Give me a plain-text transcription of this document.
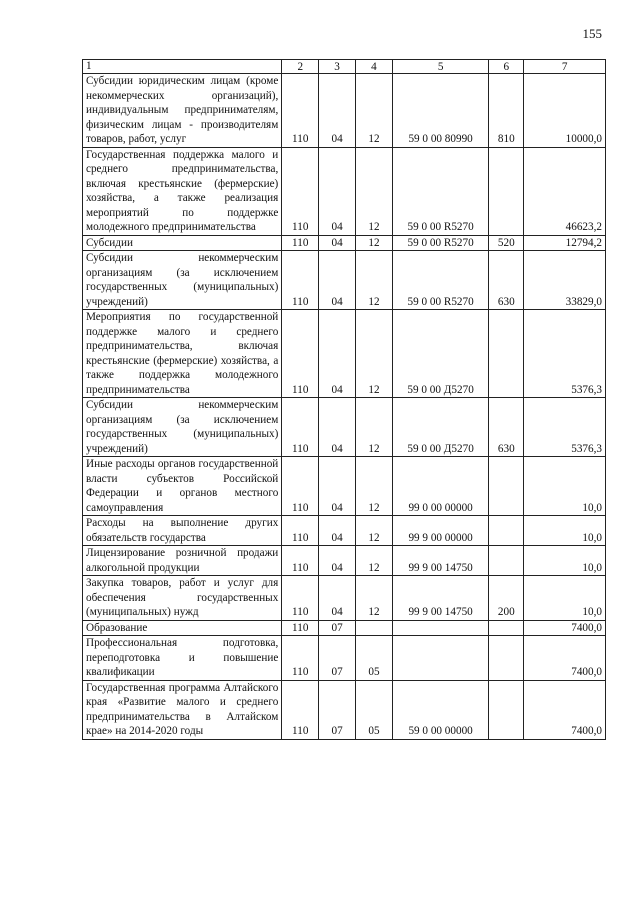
155
1	2	3	4	5	6	7
Субсидии юридическим лицам (кроме некоммерческих организаций), индивидуальным предпринимателям, физическим лицам - производителям товаров, работ, услуг	110	04	12	59 0 00 80990	810	10000,0
Государственная поддержка малого и среднего предпринимательства, включая крестьянские (фермерские) хозяйства, а также реализация мероприятий по поддержке молодежного предпринимательства	110	04	12	59 0 00 R5270		46623,2
Субсидии	110	04	12	59 0 00 R5270	520	12794,2
Субсидии некоммерческим организациям (за исключением государственных (муниципальных) учреждений)	110	04	12	59 0 00 R5270	630	33829,0
Мероприятия по государственной поддержке малого и среднего предпринимательства, включая крестьянские (фермерские) хозяйства, а также поддержка молодежного предпринимательства	110	04	12	59 0 00 Д5270		5376,3
Субсидии некоммерческим организациям (за исключением государственных (муниципальных) учреждений)	110	04	12	59 0 00 Д5270	630	5376,3
Иные расходы органов государственной власти субъектов Российской Федерации и органов местного самоуправления	110	04	12	99 0 00 00000		10,0
Расходы на выполнение других обязательств государства	110	04	12	99 9 00 00000		10,0
Лицензирование розничной продажи алкогольной продукции	110	04	12	99 9 00 14750		10,0
Закупка товаров, работ и услуг для обеспечения государственных (муниципальных) нужд	110	04	12	99 9 00 14750	200	10,0
Образование	110	07				7400,0
Профессиональная подготовка, переподготовка и повышение квалификации	110	07	05			7400,0
Государственная программа Алтайского края «Развитие малого и среднего предпринимательства в Алтайском крае» на 2014-2020 годы	110	07	05	59 0 00 00000		7400,0
